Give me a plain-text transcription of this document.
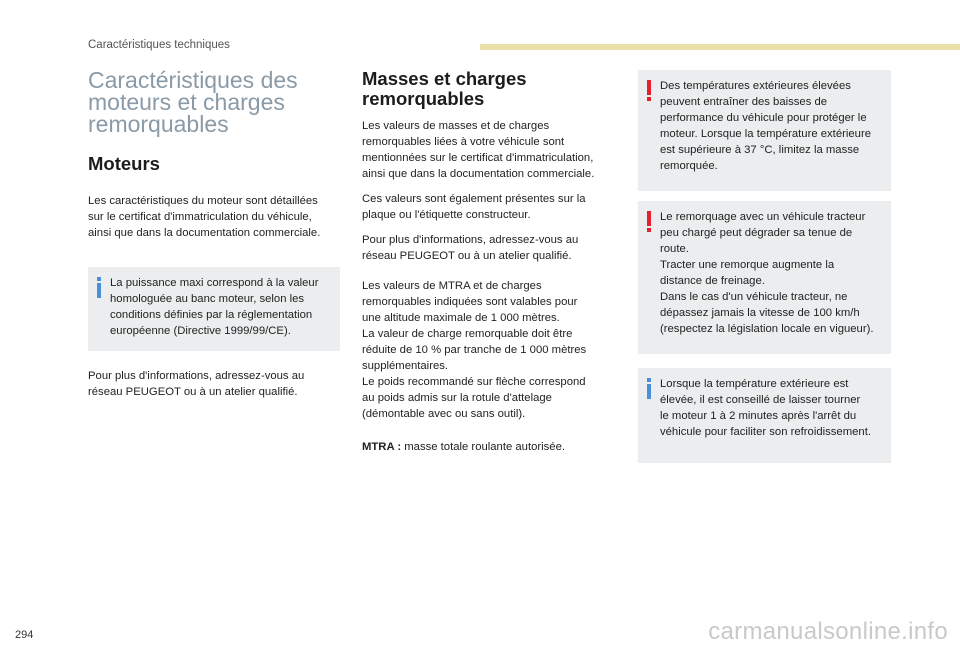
Caractéristiques techniques
Caractéristiques des
moteurs et charges
remorquables
Moteurs

Les caractéristiques du moteur sont détaillées
sur le certificat d'immatriculation du véhicule,
ainsi que dans la documentation commerciale.

La puissance maxi correspond à la valeur
homologuée au banc moteur, selon les
conditions définies par la réglementation
européenne (Directive 1999/99/CE).

Pour plus d'informations, adressez-vous au
réseau PEUGEOT ou à un atelier qualifié.

Masses et charges
remorquables

Les valeurs de masses et de charges
remorquables liées à votre véhicule sont
mentionnées sur le certificat d'immatriculation,
ainsi que dans la documentation commerciale.

Ces valeurs sont également présentes sur la
plaque ou l'étiquette constructeur.

Pour plus d'informations, adressez-vous au
réseau PEUGEOT ou à un atelier qualifié.

Les valeurs de MTRA et de charges
remorquables indiquées sont valables pour
une altitude maximale de 1 000 mètres.
La valeur de charge remorquable doit être
réduite de 10 % par tranche de 1 000 mètres
supplémentaires.
Le poids recommandé sur flèche correspond
au poids admis sur la rotule d'attelage
(démontable avec ou sans outil).

MTRA : masse totale roulante autorisée.

Des températures extérieures élevées
peuvent entraîner des baisses de
performance du véhicule pour protéger le
moteur. Lorsque la température extérieure
est supérieure à 37 °C, limitez la masse
remorquée.
Le remorquage avec un véhicule tracteur
peu chargé peut dégrader sa tenue de
route.
Tracter une remorque augmente la
distance de freinage.
Dans le cas d'un véhicule tracteur, ne
dépassez jamais la vitesse de 100 km/h
(respectez la législation locale en vigueur).
Lorsque la température extérieure est
élevée, il est conseillé de laisser tourner
le moteur 1 à 2 minutes après l'arrêt du
véhicule pour faciliter son refroidissement.
294	carmanualsonline.info
